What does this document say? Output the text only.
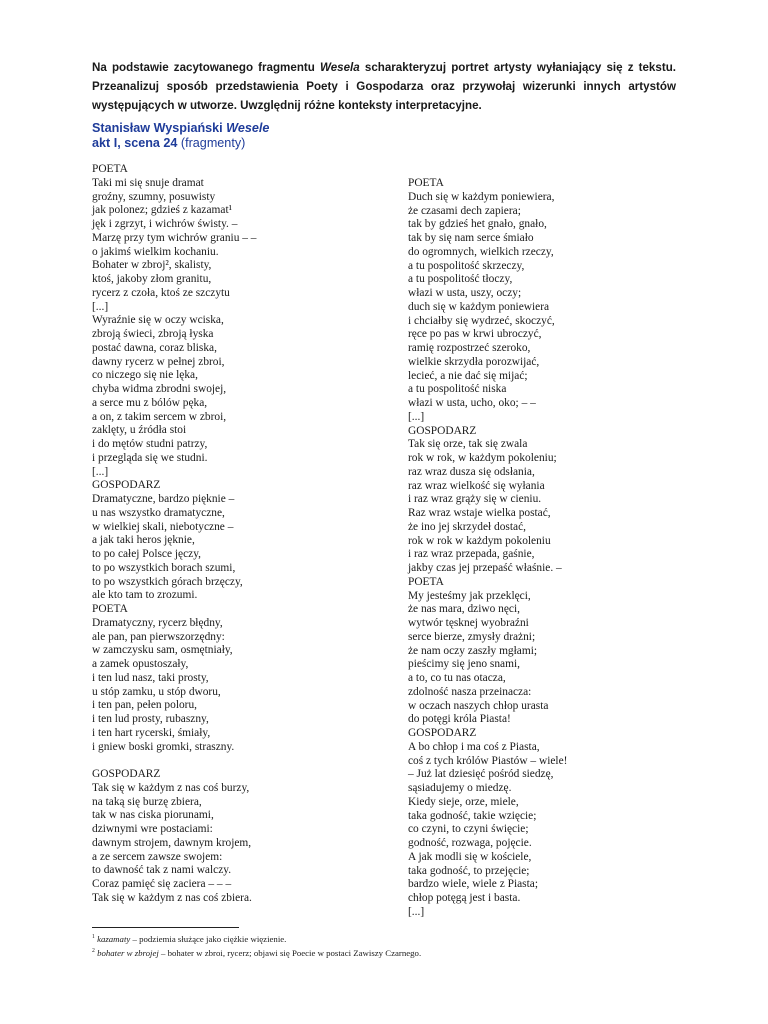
Na podstawie zacytowanego fragmentu Wesela scharakteryzuj portret artysty wyłaniający się z tekstu. Przeanalizuj sposób przedstawienia Poety i Gospodarza oraz przywołaj wizerunki innych artystów występujących w utworze. Uwzględnij różne konteksty interpretacyjne.
Stanisław Wyspiański Wesele
akt I, scena 24 (fragmenty)
POETA
Taki mi się snuje dramat
groźny, szumny, posuwisty
jak polonez; gdzieś z kazamat¹
jęk i zgrzyt, i wichrów świsty. –
Marzę przy tym wichrów graniu – –
o jakimś wielkim kochaniu.
Bohater w zbroj², skalisty,
ktoś, jakoby złom granitu,
rycerz z czoła, ktoś ze szczytu
[...]
Wyraźnie się w oczy wciska,
zbroją świeci, zbroją łyska
postać dawna, coraz bliska,
dawny rycerz w pełnej zbroi,
co niczego się nie lęka,
chyba widma zbrodni swojej,
a serce mu z bólów pęka,
a on, z takim sercem w zbroi,
zaklęty, u źródła stoi
i do mętów studni patrzy,
i przegląda się we studni.
[...]
GOSPODARZ
Dramatyczne, bardzo pięknie –
u nas wszystko dramatyczne,
w wielkiej skali, niebotyczne –
a jak taki heros jęknie,
to po całej Polsce jęczy,
to po wszystkich borach szumi,
to po wszystkich górach brzęczy,
ale kto tam to zrozumi.
POETA
Dramatyczny, rycerz błędny,
ale pan, pan pierwszorzędny:
w zamczysku sam, osmętniały,
a zamek opustoszały,
i ten lud nasz, taki prosty,
u stóp zamku, u stóp dworu,
i ten pan, pełen poloru,
i ten lud prosty, rubaszny,
i ten hart rycerski, śmiały,
i gniew boski gromki, straszny.
GOSPODARZ
Tak się w każdym z nas coś burzy,
na taką się burzę zbiera,
tak w nas ciska piorunami,
dziwnymi wre postaciami:
dawnym strojem, dawnym krojem,
a ze sercem zawsze swojem:
to dawność tak z nami walczy.
Coraz pamięć się zaciera – – –
Tak się w każdym z nas coś zbiera.
POETA
Duch się w każdym poniewiera,
że czasami dech zapiera;
tak by gdzieś het gnało, gnało,
tak by się nam serce śmiało
do ogromnych, wielkich rzeczy,
a tu pospolitość skrzeczy,
a tu pospolitość tłoczy,
włazi w usta, uszy, oczy;
duch się w każdym poniewiera
i chciałby się wydrzeć, skoczyć,
ręce po pas w krwi ubroczyć,
ramię rozpostrzeć szeroko,
wielkie skrzydła porozwijać,
lecieć, a nie dać się mijać;
a tu pospolitość niska
włazi w usta, ucho, oko; – –
[...]
GOSPODARZ
Tak się orze, tak się zwala
rok w rok, w każdym pokoleniu;
raz wraz dusza się odsłania,
raz wraz wielkość się wyłania
i raz wraz grąży się w cieniu.
Raz wraz wstaje wielka postać,
że ino jej skrzydeł dostać,
rok w rok w każdym pokoleniu
i raz wraz przepada, gaśnie,
jakby czas jej przepaść właśnie. –
POETA
My jesteśmy jak przeklęci,
że nas mara, dziwo nęci,
wytwór tęsknej wyobraźni
serce bierze, zmysły drażni;
że nam oczy zaszły mgłami;
pieścimy się jeno snami,
a to, co tu nas otacza,
zdolność nasza przeinacza:
w oczach naszych chłop urasta
do potęgi króla Piasta!
GOSPODARZ
A bo chłop i ma coś z Piasta,
coś z tych królów Piastów – wiele!
– Już lat dziesięć pośród siedzę,
sąsiadujemy o miedzę.
Kiedy sieje, orze, miele,
taka godność, takie wzięcie;
co czyni, to czyni święcie;
godność, rozwaga, pojęcie.
A jak modli się w kościele,
taka godność, to przejęcie;
bardzo wiele, wiele z Piasta;
chłop potęgą jest i basta.
[...]
$^1$ kazamaty – podziemia służące jako ciężkie więzienie.
$^2$ bohater w zbrojej – bohater w zbroi, rycerz; objawi się Poecie w postaci Zawiszy Czarnego.
